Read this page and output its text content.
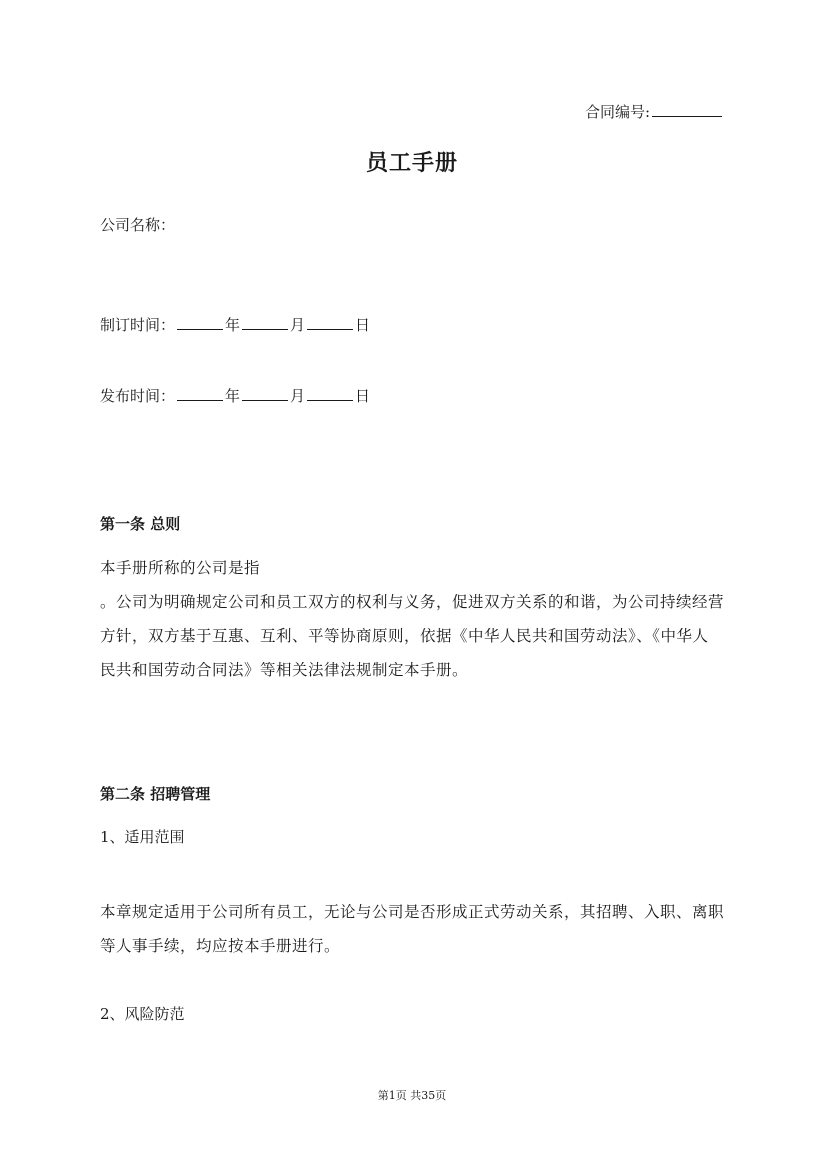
合同编号:
员工手册
公司名称：
制订时间：	年	月	日
发布时间：	年	月	日
第一条 总则
本手册所称的公司是指
。公司为明确规定公司和员工双方的权利与义务，促进双方关系的和谐，为公司持续经营方针，双方基于互惠、互利、平等协商原则，依据《中华人民共和国劳动法》、《中华人民共和国劳动合同法》等相关法律法规制定本手册。
第二条 招聘管理
1、适用范围
本章规定适用于公司所有员工，无论与公司是否形成正式劳动关系，其招聘、入职、离职等人事手续，均应按本手册进行。
2、风险防范
第1页 共35页
